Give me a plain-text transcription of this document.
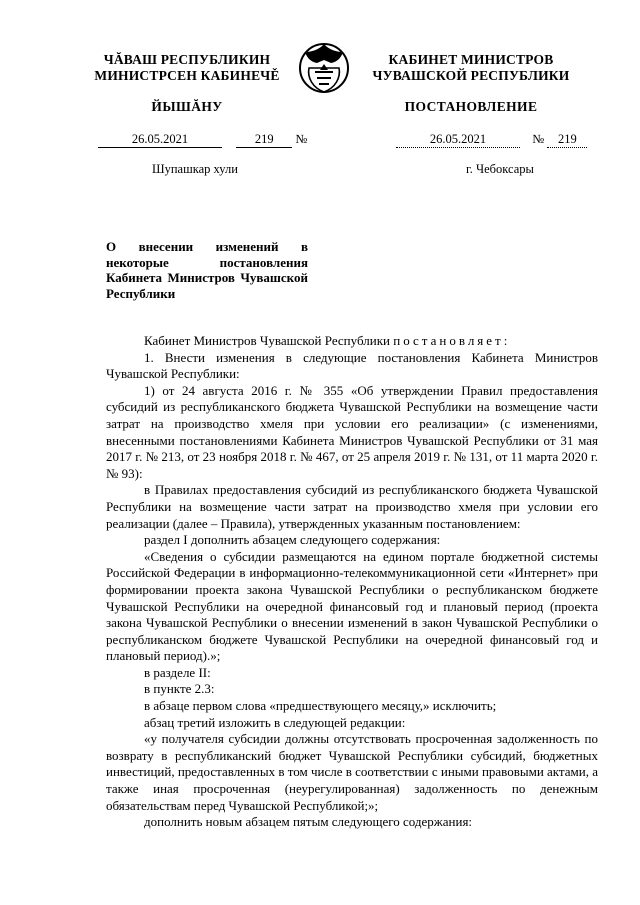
ЧĂВАШ РЕСПУБЛИКИН
МИНИСТРСЕН КАБИНЕЧĚ
ЙЫШĂНУ
КАБИНЕТ МИНИСТРОВ
ЧУВАШСКОЙ РЕСПУБЛИКИ
ПОСТАНОВЛЕНИЕ
26.05.2021	219 №	26.05.2021	№ 219
Шупашкар хули	г. Чебоксары
О внесении изменений в некоторые постановления Кабинета Министров Чувашской Республики

Кабинет Министров Чувашской Республики постановляет:

1. Внести изменения в следующие постановления Кабинета Министров Чувашской Республики:

1) от 24 августа 2016 г. № 355 «Об утверждении Правил предоставления субсидий из республиканского бюджета Чувашской Республики на возмещение части затрат на производство хмеля при условии его реализации» (с изменениями, внесенными постановлениями Кабинета Министров Чувашской Республики от 31 мая 2017 г. № 213, от 23 ноября 2018 г. № 467, от 25 апреля 2019 г. № 131, от 11 марта 2020 г. № 93):

в Правилах предоставления субсидий из республиканского бюджета Чувашской Республики на возмещение части затрат на производство хмеля при условии его реализации (далее – Правила), утвержденных указанным постановлением:

раздел I дополнить абзацем следующего содержания:

«Сведения о субсидии размещаются на едином портале бюджетной системы Российской Федерации в информационно-телекоммуникационной сети «Интернет» при формировании проекта закона Чувашской Республики о республиканском бюджете Чувашской Республики на очередной финансовый год и плановый период (проекта закона Чувашской Республики о внесении изменений в закон Чувашской Республики о республиканском бюджете Чувашской Республики на очередной финансовый год и плановый период).»;

в разделе II:

в пункте 2.3:

в абзаце первом слова «предшествующего месяцу,» исключить;

абзац третий изложить в следующей редакции:

«у получателя субсидии должны отсутствовать просроченная задолженность по возврату в республиканский бюджет Чувашской Республики субсидий, бюджетных инвестиций, предоставленных в том числе в соответствии с иными правовыми актами, а также иная просроченная (неурегулированная) задолженность по денежным обязательствам перед Чувашской Республикой;»;

дополнить новым абзацем пятым следующего содержания:
